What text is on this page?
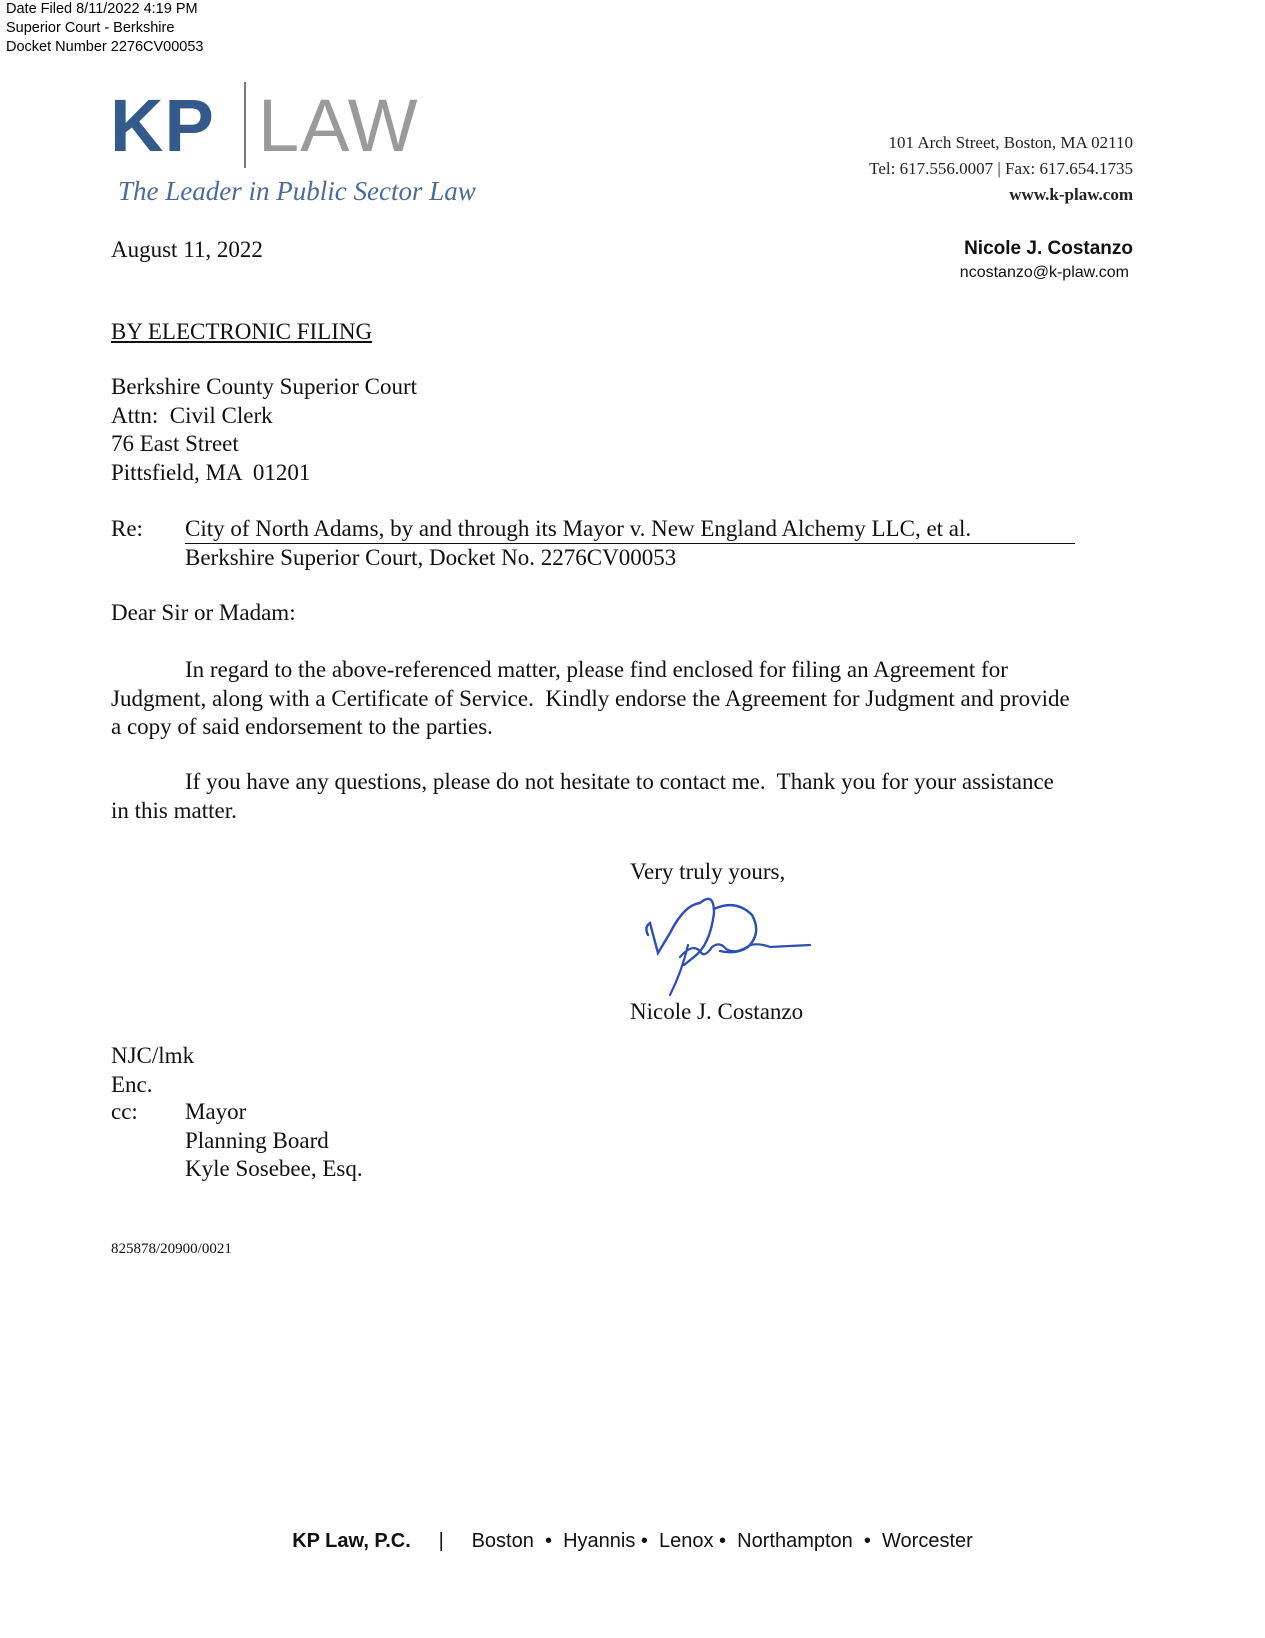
Date Filed 8/11/2022 4:19 PM
Superior Court - Berkshire
Docket Number 2276CV00053
KP LAW
The Leader in Public Sector Law
101 Arch Street, Boston, MA 02110
Tel: 617.556.0007 | Fax: 617.654.1735
www.k-plaw.com
August 11, 2022	Nicole J. Costanzo
ncostanzo@k-plaw.com
BY ELECTRONIC FILING
Berkshire County Superior Court
Attn:  Civil Clerk
76 East Street
Pittsfield, MA  01201
Re: City of North Adams, by and through its Mayor v. New England Alchemy LLC, et al.
Berkshire Superior Court, Docket No. 2276CV00053
Dear Sir or Madam:
In regard to the above-referenced matter, please find enclosed for filing an Agreement for Judgment, along with a Certificate of Service.  Kindly endorse the Agreement for Judgment and provide a copy of said endorsement to the parties.
If you have any questions, please do not hesitate to contact me.  Thank you for your assistance in this matter.
Very truly yours,
Nicole J. Costanzo
NJC/lmk
Enc.
cc: Mayor
Planning Board
Kyle Sosebee, Esq.
825878/20900/0021
KP Law, P.C. | Boston  •  Hyannis •  Lenox •  Northampton  •  Worcester
